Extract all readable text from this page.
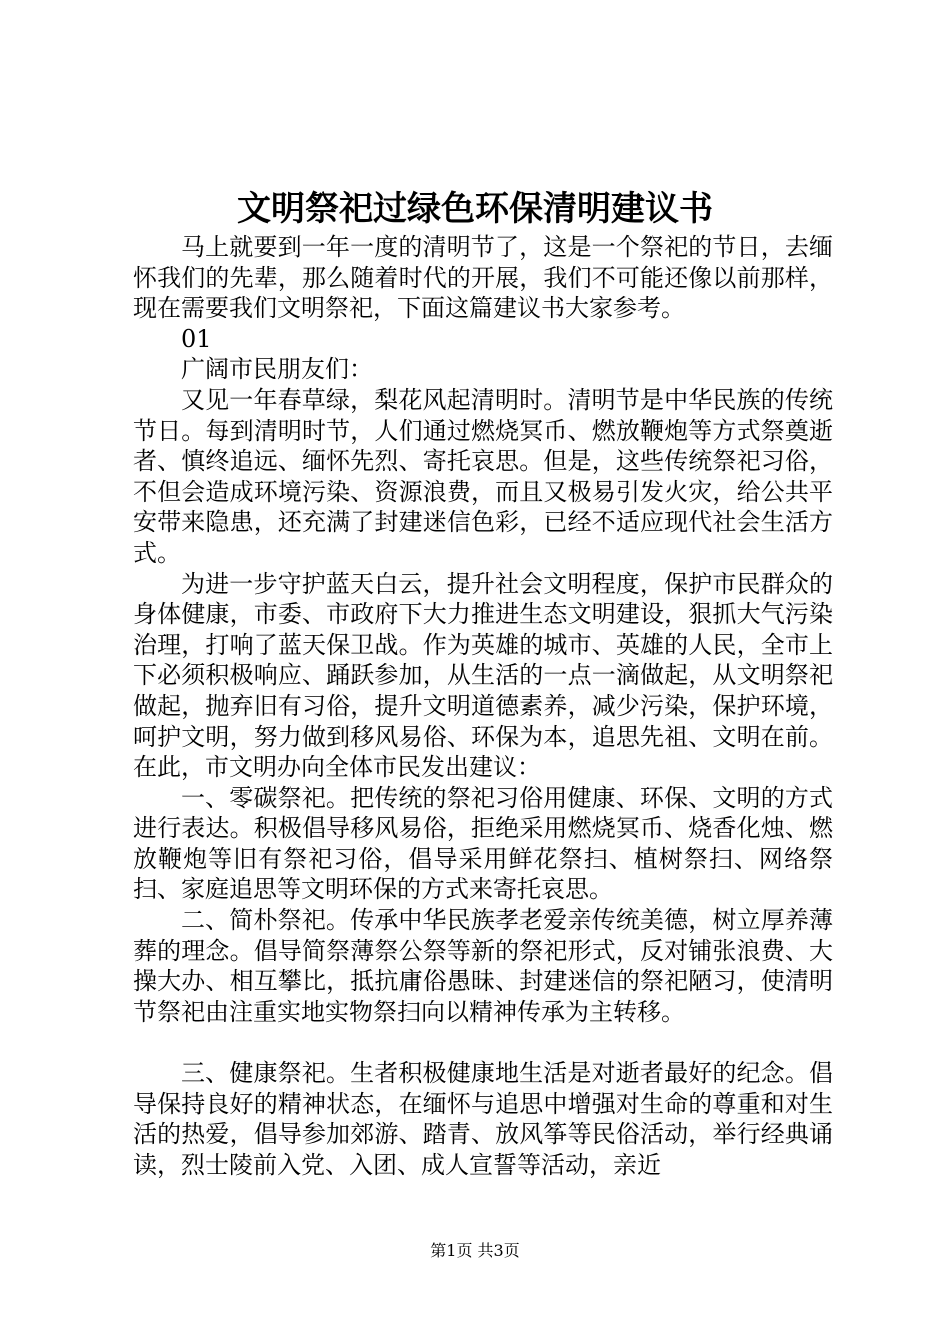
文明祭祀过绿色环保清明建议书

马上就要到一年一度的清明节了，这是一个祭祀的节日，去缅怀我们的先辈，那么随着时代的开展，我们不可能还像以前那样，现在需要我们文明祭祀，下面这篇建议书大家参考。

01

广阔市民朋友们：

又见一年春草绿，梨花风起清明时。清明节是中华民族的传统节日。每到清明时节，人们通过燃烧冥币、燃放鞭炮等方式祭奠逝者、慎终追远、缅怀先烈、寄托哀思。但是，这些传统祭祀习俗，不但会造成环境污染、资源浪费，而且又极易引发火灾，给公共平安带来隐患，还充满了封建迷信色彩，已经不适应现代社会生活方式。

为进一步守护蓝天白云，提升社会文明程度，保护市民群众的身体健康，市委、市政府下大力推进生态文明建设，狠抓大气污染治理，打响了蓝天保卫战。作为英雄的城市、英雄的人民，全市上下必须积极响应、踊跃参加，从生活的一点一滴做起，从文明祭祀做起，抛弃旧有习俗，提升文明道德素养，减少污染，保护环境，呵护文明，努力做到移风易俗、环保为本，追思先祖、文明在前。在此，市文明办向全体市民发出建议：

一、零碳祭祀。把传统的祭祀习俗用健康、环保、文明的方式进行表达。积极倡导移风易俗，拒绝采用燃烧冥币、烧香化烛、燃放鞭炮等旧有祭祀习俗，倡导采用鲜花祭扫、植树祭扫、网络祭扫、家庭追思等文明环保的方式来寄托哀思。

二、简朴祭祀。传承中华民族孝老爱亲传统美德，树立厚养薄葬的理念。倡导简祭薄祭公祭等新的祭祀形式，反对铺张浪费、大操大办、相互攀比，抵抗庸俗愚昧、封建迷信的祭祀陋习，使清明节祭祀由注重实地实物祭扫向以精神传承为主转移。

三、健康祭祀。生者积极健康地生活是对逝者最好的纪念。倡导保持良好的精神状态，在缅怀与追思中增强对生命的尊重和对生活的热爱，倡导参加郊游、踏青、放风筝等民俗活动，举行经典诵读，烈士陵前入党、入团、成人宣誓等活动，亲近

第1页 共3页
